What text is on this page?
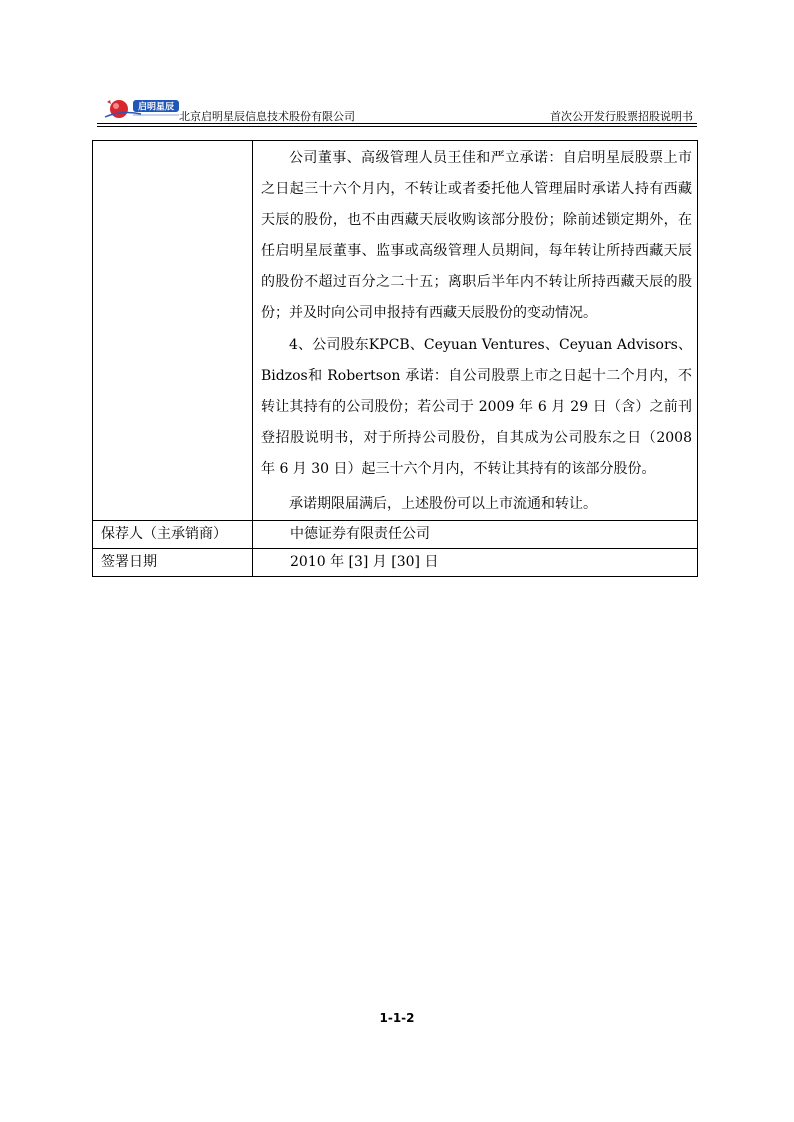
启明星辰
北京启明星辰信息技术股份有限公司	首次公开发行股票招股说明书

	公司董事、高级管理人员王佳和严立承诺：自启明星辰股票上市之日起三十六个月内，不转让或者委托他人管理届时承诺人持有西藏天辰的股份，也不由西藏天辰收购该部分股份；除前述锁定期外，在任启明星辰董事、监事或高级管理人员期间，每年转让所持西藏天辰的股份不超过百分之二十五；离职后半年内不转让所持西藏天辰的股份；并及时向公司申报持有西藏天辰股份的变动情况。

4、公司股东KPCB、Ceyuan Ventures、Ceyuan Advisors、Bidzos和 Robertson 承诺：自公司股票上市之日起十二个月内，不转让其持有的公司股份；若公司于 2009 年 6 月 29 日（含）之前刊登招股说明书，对于所持公司股份，自其成为公司股东之日（2008 年 6 月 30 日）起三十六个月内，不转让其持有的该部分股份。

承诺期限届满后，上述股份可以上市流通和转让。

保荐人（主承销商）	中德证券有限责任公司
签署日期	2010 年 [3] 月 [30] 日
1-1-2
